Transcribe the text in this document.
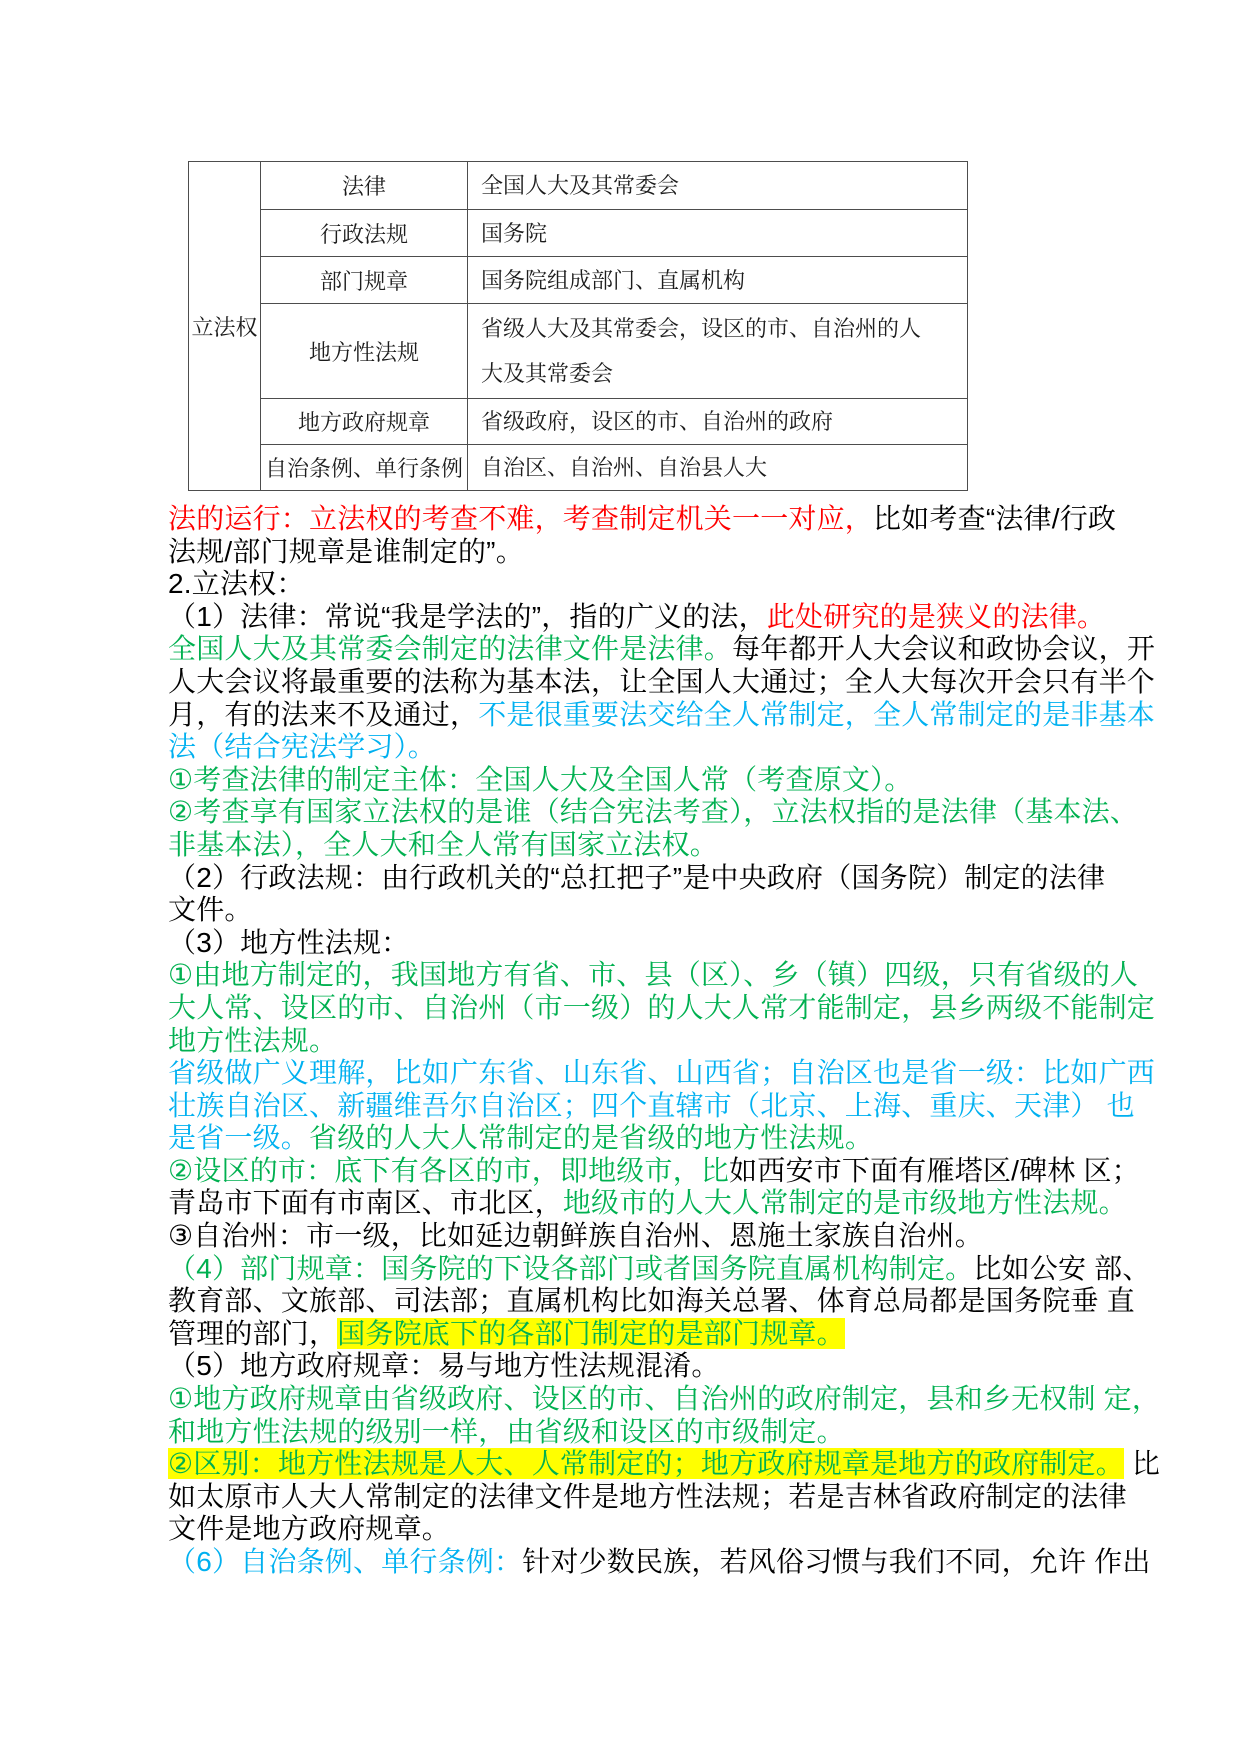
立法权	法律	全国人大及其常委会
	行政法规	国务院
	部门规章	国务院组成部门、直属机构
	地方性法规	省级人大及其常委会，设区的市、自治州的人大及其常委会
	地方政府规章	省级政府，设区的市、自治州的政府
	自治条例、单行条例	自治区、自治州、自治县人大
法的运行：立法权的考查不难，考查制定机关一一对应，比如考查“法律/行政
法规/部门规章是谁制定的”。
2.立法权：
（1）法律：常说“我是学法的”，指的广义的法，此处研究的是狭义的法律。
全国人大及其常委会制定的法律文件是法律。每年都开人大会议和政协会议，开
人大会议将最重要的法称为基本法，让全国人大通过；全人大每次开会只有半个
月，有的法来不及通过，不是很重要法交给全人常制定，全人常制定的是非基本
法（结合宪法学习）。
①考查法律的制定主体：全国人大及全国人常（考查原文）。
②考查享有国家立法权的是谁（结合宪法考查），立法权指的是法律（基本法、
非基本法），全人大和全人常有国家立法权。
（2）行政法规：由行政机关的“总扛把子”是中央政府（国务院）制定的法律
文件。
（3）地方性法规：
①由地方制定的，我国地方有省、市、县（区）、乡（镇）四级，只有省级的人
大人常、设区的市、自治州（市一级）的人大人常才能制定，县乡两级不能制定
地方性法规。
省级做广义理解，比如广东省、山东省、山西省；自治区也是省一级：比如广西
壮族自治区、新疆维吾尔自治区；四个直辖市（北京、上海、重庆、天津） 也
是省一级。省级的人大人常制定的是省级的地方性法规。
②设区的市：底下有各区的市，即地级市，比如西安市下面有雁塔区/碑林 区；
青岛市下面有市南区、市北区，地级市的人大人常制定的是市级地方性法规。
③自治州：市一级，比如延边朝鲜族自治州、恩施土家族自治州。
（4）部门规章：国务院的下设各部门或者国务院直属机构制定。比如公安 部、
教育部、文旅部、司法部；直属机构比如海关总署、体育总局都是国务院垂 直
管理的部门，国务院底下的各部门制定的是部门规章。
（5）地方政府规章：易与地方性法规混淆。
①地方政府规章由省级政府、设区的市、自治州的政府制定，县和乡无权制 定，
和地方性法规的级别一样，由省级和设区的市级制定。
②区别：地方性法规是人大、人常制定的；地方政府规章是地方的政府制定。 比
如太原市人大人常制定的法律文件是地方性法规；若是吉林省政府制定的法律
文件是地方政府规章。
（6）自治条例、单行条例：针对少数民族，若风俗习惯与我们不同，允许 作出
